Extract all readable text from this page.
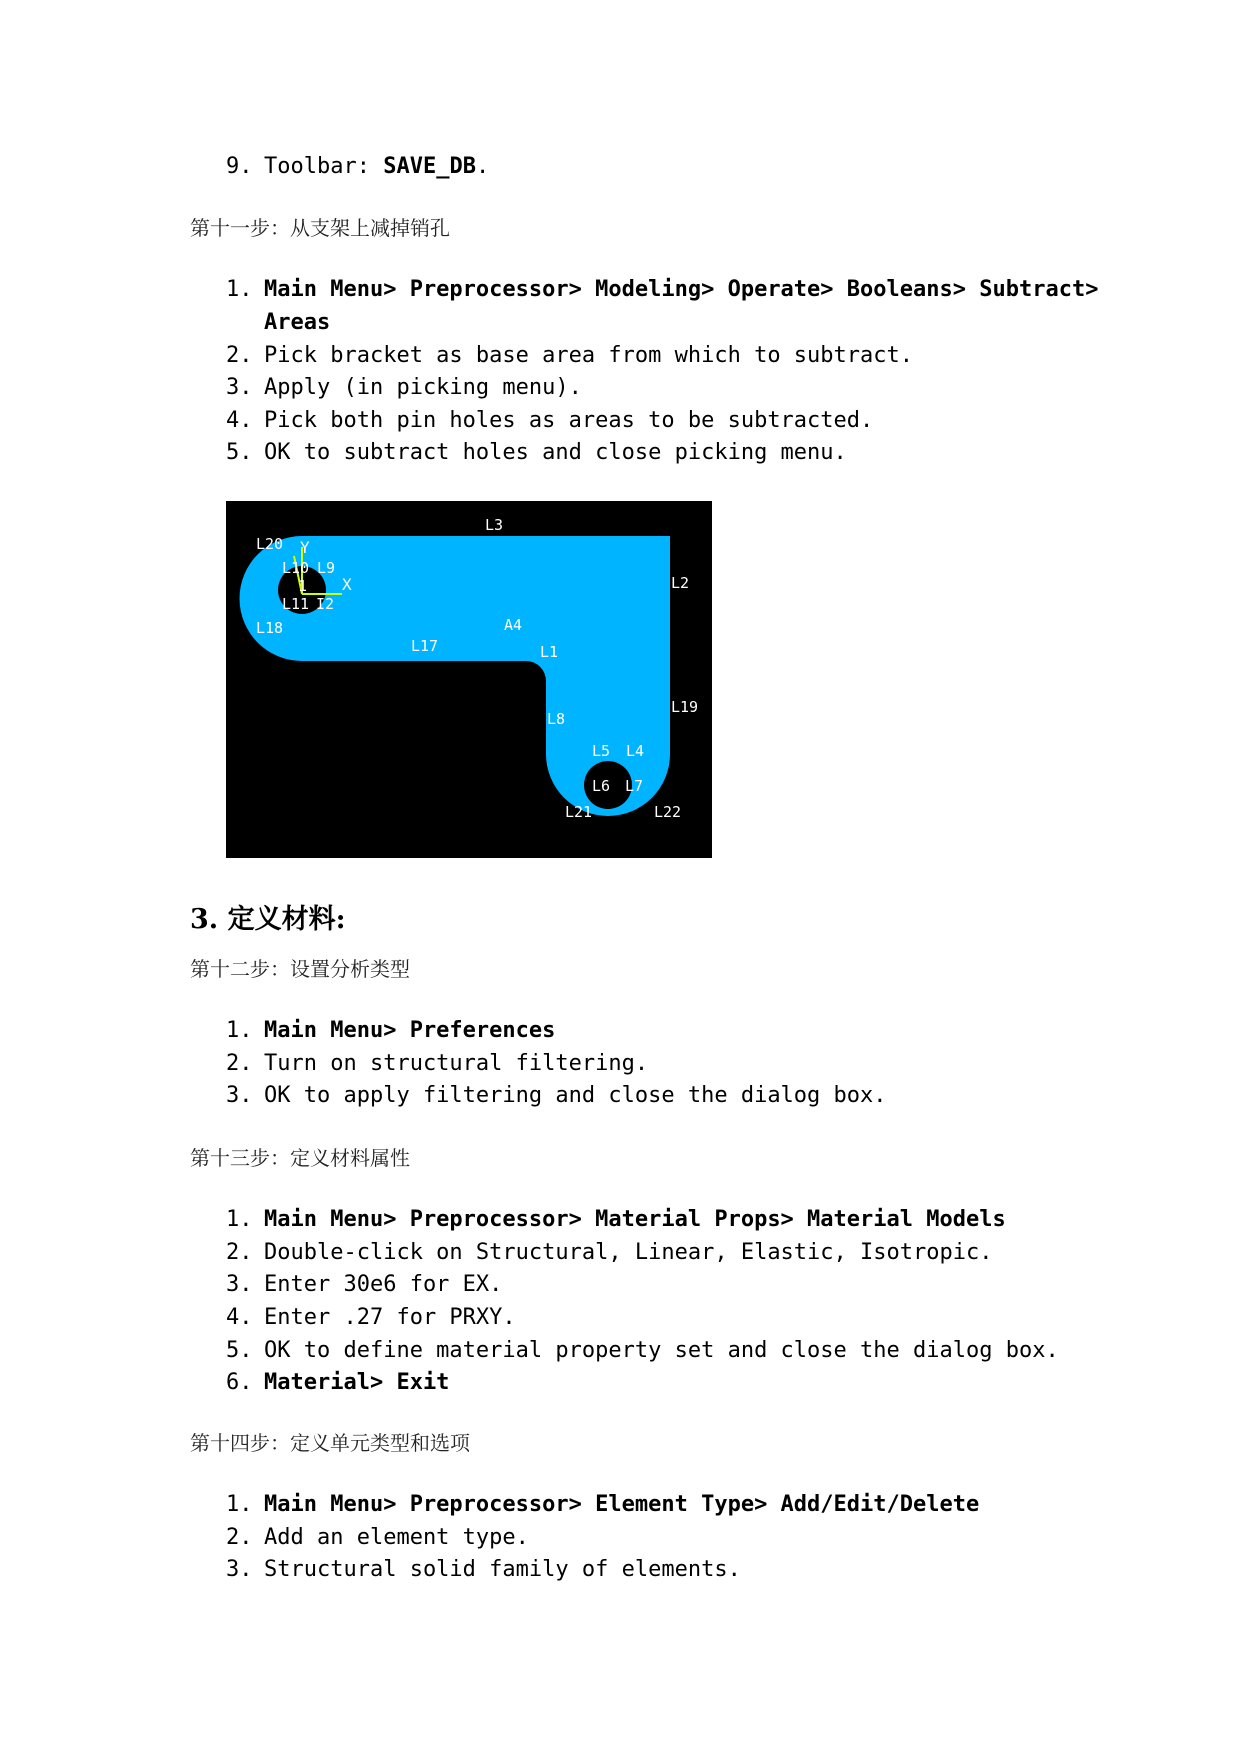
9. Toolbar: SAVE_DB.
第十一步：从支架上减掉销孔
1. Main Menu> Preprocessor> Modeling> Operate> Booleans> Subtract>
Areas
2. Pick bracket as base area from which to subtract.
3. Apply (in picking menu).
4. Pick both pin holes as areas to be subtracted.
5. OK to subtract holes and close picking menu.
Y
X
1
L3
L20
L10 L9
L2
L11 I2
L18
L17
A4
L1
L8
L19
L5 L4
L6 L7
L21	L22
3. 定义材料:
第十二步：设置分析类型
1. Main Menu> Preferences
2. Turn on structural filtering.
3. OK to apply filtering and close the dialog box.
第十三步：定义材料属性
1. Main Menu> Preprocessor> Material Props> Material Models
2. Double-click on Structural, Linear, Elastic, Isotropic.
3. Enter 30e6 for EX.
4. Enter .27 for PRXY.
5. OK to define material property set and close the dialog box.
6. Material> Exit
第十四步：定义单元类型和选项
1. Main Menu> Preprocessor> Element Type> Add/Edit/Delete
2. Add an element type.
3. Structural solid family of elements.
